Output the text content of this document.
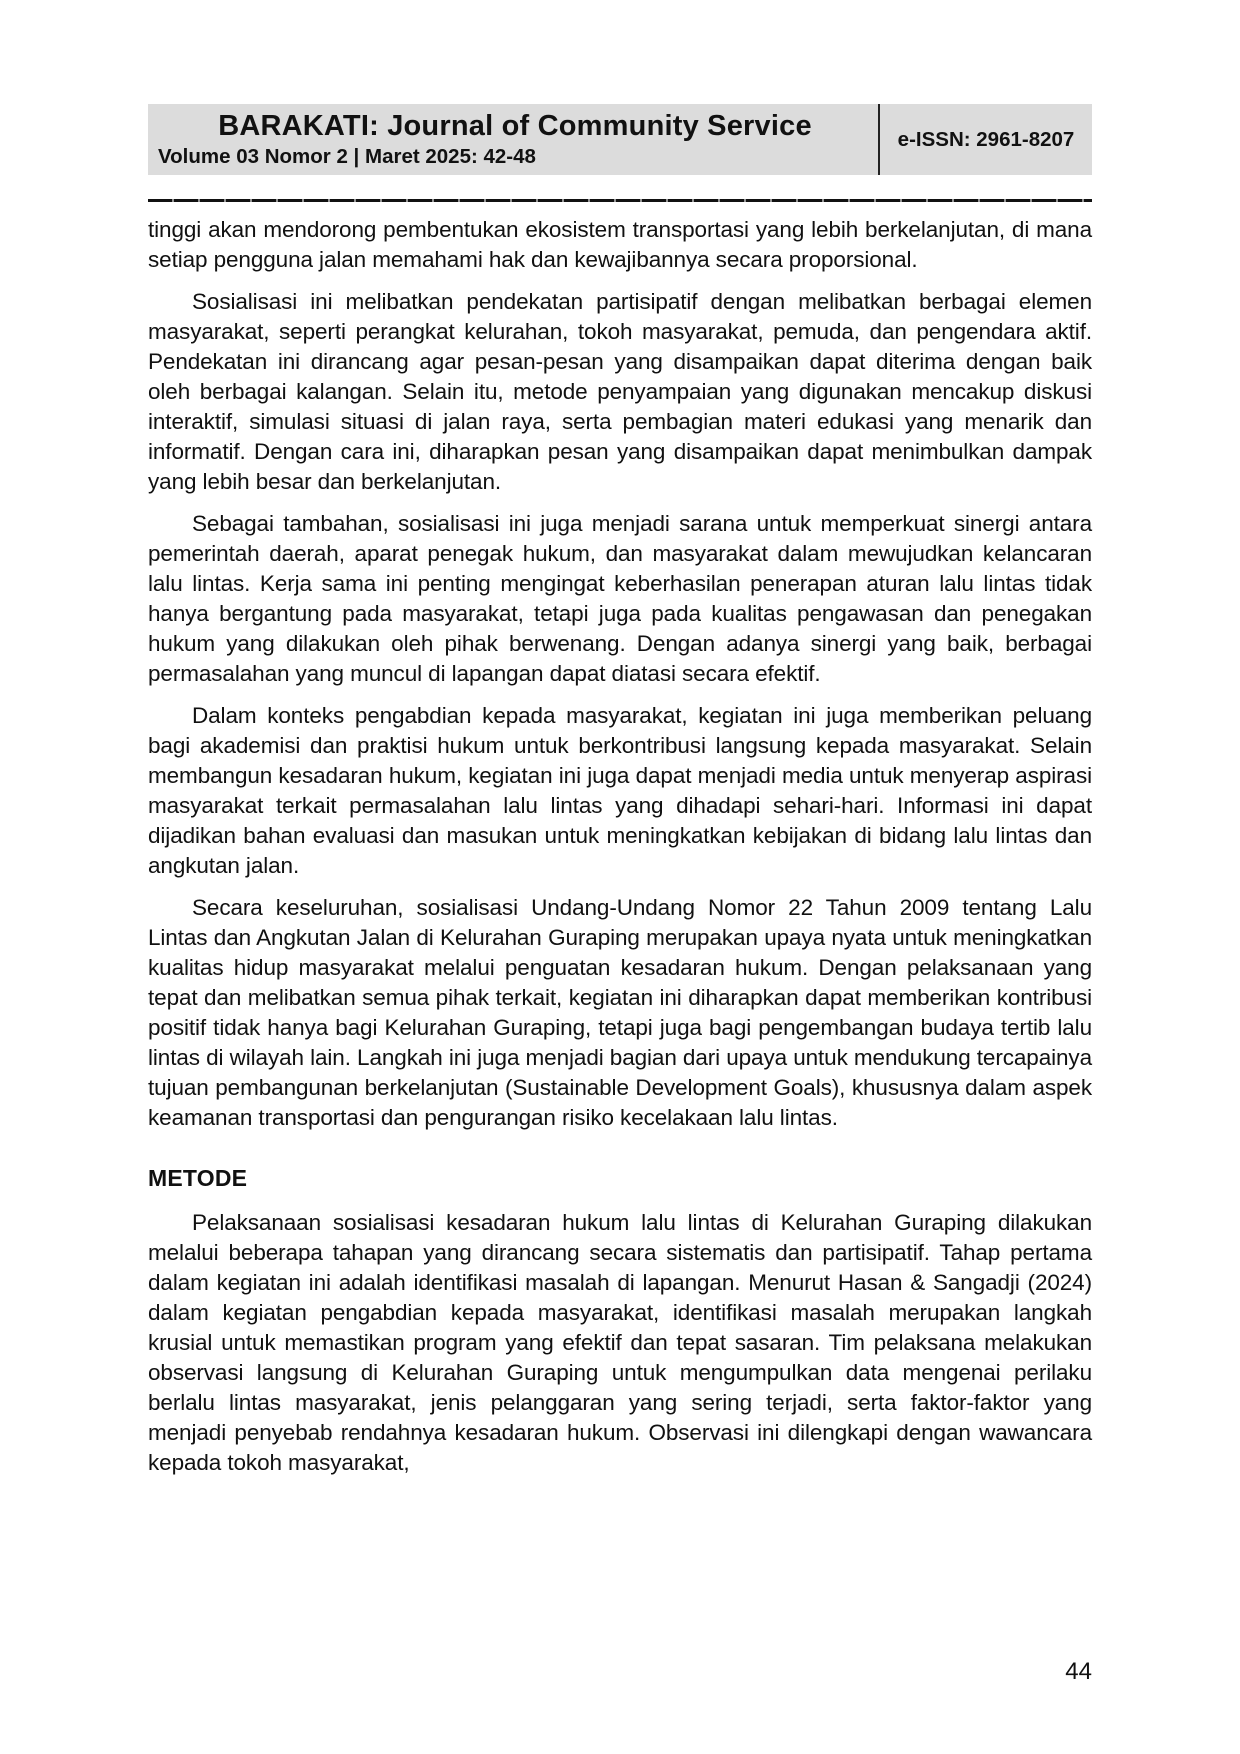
BARAKATI: Journal of Community Service
Volume 03 Nomor 2 | Maret 2025: 42-48
e-ISSN: 2961-8207

tinggi akan mendorong pembentukan ekosistem transportasi yang lebih berkelanjutan, di mana setiap pengguna jalan memahami hak dan kewajibannya secara proporsional.

Sosialisasi ini melibatkan pendekatan partisipatif dengan melibatkan berbagai elemen masyarakat, seperti perangkat kelurahan, tokoh masyarakat, pemuda, dan pengendara aktif. Pendekatan ini dirancang agar pesan-pesan yang disampaikan dapat diterima dengan baik oleh berbagai kalangan. Selain itu, metode penyampaian yang digunakan mencakup diskusi interaktif, simulasi situasi di jalan raya, serta pembagian materi edukasi yang menarik dan informatif. Dengan cara ini, diharapkan pesan yang disampaikan dapat menimbulkan dampak yang lebih besar dan berkelanjutan.

Sebagai tambahan, sosialisasi ini juga menjadi sarana untuk memperkuat sinergi antara pemerintah daerah, aparat penegak hukum, dan masyarakat dalam mewujudkan kelancaran lalu lintas. Kerja sama ini penting mengingat keberhasilan penerapan aturan lalu lintas tidak hanya bergantung pada masyarakat, tetapi juga pada kualitas pengawasan dan penegakan hukum yang dilakukan oleh pihak berwenang. Dengan adanya sinergi yang baik, berbagai permasalahan yang muncul di lapangan dapat diatasi secara efektif.

Dalam konteks pengabdian kepada masyarakat, kegiatan ini juga memberikan peluang bagi akademisi dan praktisi hukum untuk berkontribusi langsung kepada masyarakat. Selain membangun kesadaran hukum, kegiatan ini juga dapat menjadi media untuk menyerap aspirasi masyarakat terkait permasalahan lalu lintas yang dihadapi sehari-hari. Informasi ini dapat dijadikan bahan evaluasi dan masukan untuk meningkatkan kebijakan di bidang lalu lintas dan angkutan jalan.

Secara keseluruhan, sosialisasi Undang-Undang Nomor 22 Tahun 2009 tentang Lalu Lintas dan Angkutan Jalan di Kelurahan Guraping merupakan upaya nyata untuk meningkatkan kualitas hidup masyarakat melalui penguatan kesadaran hukum. Dengan pelaksanaan yang tepat dan melibatkan semua pihak terkait, kegiatan ini diharapkan dapat memberikan kontribusi positif tidak hanya bagi Kelurahan Guraping, tetapi juga bagi pengembangan budaya tertib lalu lintas di wilayah lain. Langkah ini juga menjadi bagian dari upaya untuk mendukung tercapainya tujuan pembangunan berkelanjutan (Sustainable Development Goals), khususnya dalam aspek keamanan transportasi dan pengurangan risiko kecelakaan lalu lintas.

METODE

Pelaksanaan sosialisasi kesadaran hukum lalu lintas di Kelurahan Guraping dilakukan melalui beberapa tahapan yang dirancang secara sistematis dan partisipatif. Tahap pertama dalam kegiatan ini adalah identifikasi masalah di lapangan. Menurut Hasan & Sangadji (2024) dalam kegiatan pengabdian kepada masyarakat, identifikasi masalah merupakan langkah krusial untuk memastikan program yang efektif dan tepat sasaran. Tim pelaksana melakukan observasi langsung di Kelurahan Guraping untuk mengumpulkan data mengenai perilaku berlalu lintas masyarakat, jenis pelanggaran yang sering terjadi, serta faktor-faktor yang menjadi penyebab rendahnya kesadaran hukum. Observasi ini dilengkapi dengan wawancara kepada tokoh masyarakat,

44
